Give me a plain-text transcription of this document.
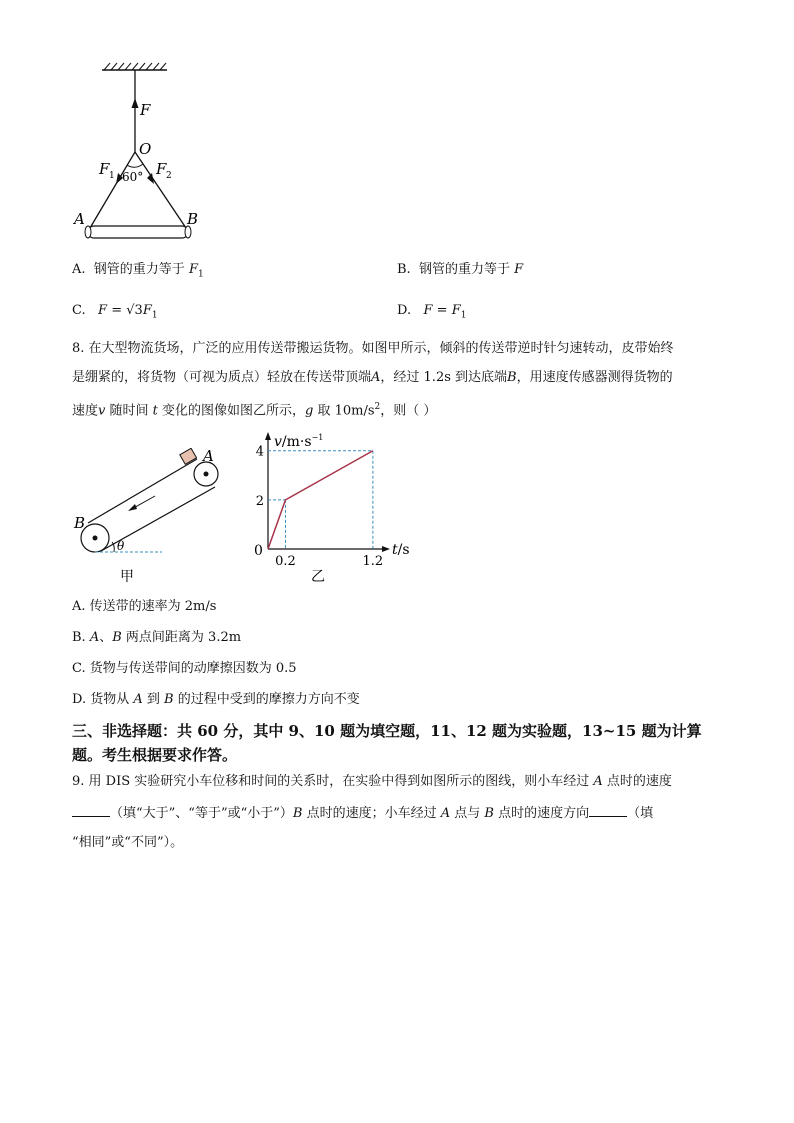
F
O
F 1	F 2
60°
A	B
A. 钢管的重力等于 $F_1$	B. 钢管的重力等于 F
C. $F = √3F_1$	D. $F = F_1$
8. 在大型物流货场，广泛的应用传送带搬运货物。如图甲所示，倾斜的传送带逆时针匀速转动，皮带始终
是绷紧的，将货物（可视为质点）轻放在传送带顶端A，经过 1.2s 到达底端B，用速度传感器测得货物的
速度v 随时间 t 变化的图像如图乙所示，g 取 $10m/s^2$，则（ ）
θ
B
A
甲
$v/m\cdot s^{-1}$
t/s
0
0.2	1.2
2
4
乙
A. 传送带的速率为 2m/s
B. A、B 两点间距离为 3.2m
C. 货物与传送带间的动摩擦因数为 0.5
D. 货物从 A 到 B 的过程中受到的摩擦力方向不变
三、非选择题：共 60 分，其中 9、10 题为填空题，11、12 题为实验题，13~15 题为计算
题。考生根据要求作答。
9. 用 DIS 实验研究小车位移和时间的关系时，在实验中得到如图所示的图线，则小车经过 A 点时的速度
（填“大于”、“等于”或“小于”）B 点时的速度；小车经过 A 点与 B 点时的速度方向	（填
“相同”或“不同”）。
